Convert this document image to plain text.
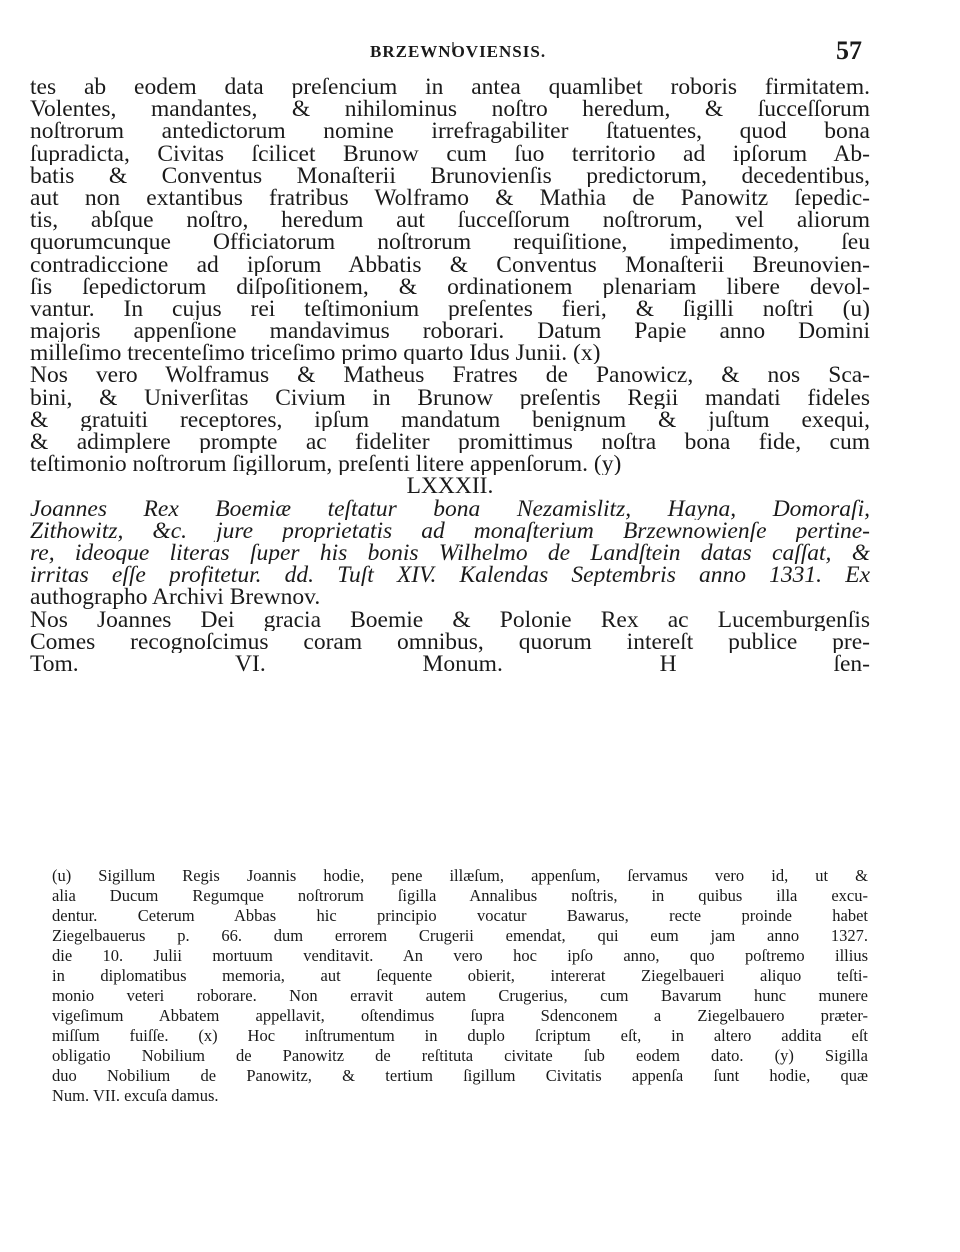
BRZEWNOVIENSIS.	57
tes ab eodem data preſencium in antea quamlibet roboris firmitatem.
Volentes, mandantes, & nihilominus noſtro heredum, & ſucceſſorum
noſtrorum antedictorum nomine irrefragabiliter ſtatuentes, quod bona
ſupradicta, Civitas ſcilicet Brunow cum ſuo territorio ad ipſorum Ab-
batis & Conventus Monaſterii Brunovienſis predictorum, decedentibus,
aut non extantibus fratribus Wolframo & Mathia de Panowitz ſepedic-
tis, abſque noſtro, heredum aut ſucceſſorum noſtrorum, vel aliorum
quorumcunque Officiatorum noſtrorum requiſitione, impedimento, ſeu
contradiccione ad ipſorum Abbatis & Conventus Monaſterii Breunovien-
ſis ſepedictorum diſpoſitionem, & ordinationem plenariam libere devol-
vantur. In cujus rei teſtimonium preſentes fieri, & ſigilli noſtri (u)
majoris appenſione mandavimus roborari. Datum Papie anno Domini
milleſimo trecenteſimo triceſimo primo quarto Idus Junii. (x)
Nos vero Wolframus & Matheus Fratres de Panowicz, & nos Sca-
bini, & Univerſitas Civium in Brunow preſentis Regii mandati fideles
& gratuiti receptores, ipſum mandatum benignum & juſtum exequi,
& adimplere prompte ac fideliter promittimus noſtra bona fide, cum
teſtimonio noſtrorum ſigillorum, preſenti litere appenſorum. (y)
LXXXII.
Joannes Rex Boemiæ teſtatur bona Nezamislitz, Hayna, Domoraſi,
Zithowitz, &c. jure proprietatis ad monaſterium Brzewnowienſe pertine-
re, ideoque literas ſuper his bonis Wilhelmo de Landſtein datas caſſat, &
irritas eſſe profitetur. dd. Tuſt XIV. Kalendas Septembris anno 1331. Ex
authographo Archivi Brewnov.
Nos Joannes Dei gracia Boemie & Polonie Rex ac Lucemburgenſis
Comes recognoſcimus coram omnibus, quorum intereſt publice pre-
Tom. VI. Monum. H ſen-
(u) Sigillum Regis Joannis hodie, pene illæſum, appenſum, ſervamus vero id, ut &
alia Ducum Regumque noſtrorum ſigilla Annalibus noſtris, in quibus illa excu-
dentur. Ceterum Abbas hic principio vocatur Bawarus, recte proinde habet
Ziegelbauerus p. 66. dum errorem Crugerii emendat, qui eum jam anno 1327.
die 10. Julii mortuum venditavit. An vero hoc ipſo anno, quo poſtremo illius
in diplomatibus memoria, aut ſequente obierit, intererat Ziegelbaueri aliquo teſti-
monio veteri roborare. Non erravit autem Crugerius, cum Bavarum hunc munere
vigeſimum Abbatem appellavit, oſtendimus ſupra Sdenconem a Ziegelbauero præter-
miſſum fuiſſe. (x) Hoc inſtrumentum in duplo ſcriptum eſt, in altero addita eſt
obligatio Nobilium de Panowitz de reſtituta civitate ſub eodem dato. (y) Sigilla
duo Nobilium de Panowitz, & tertium ſigillum Civitatis appenſa ſunt hodie, quæ
Num. VII. excuſa damus.
